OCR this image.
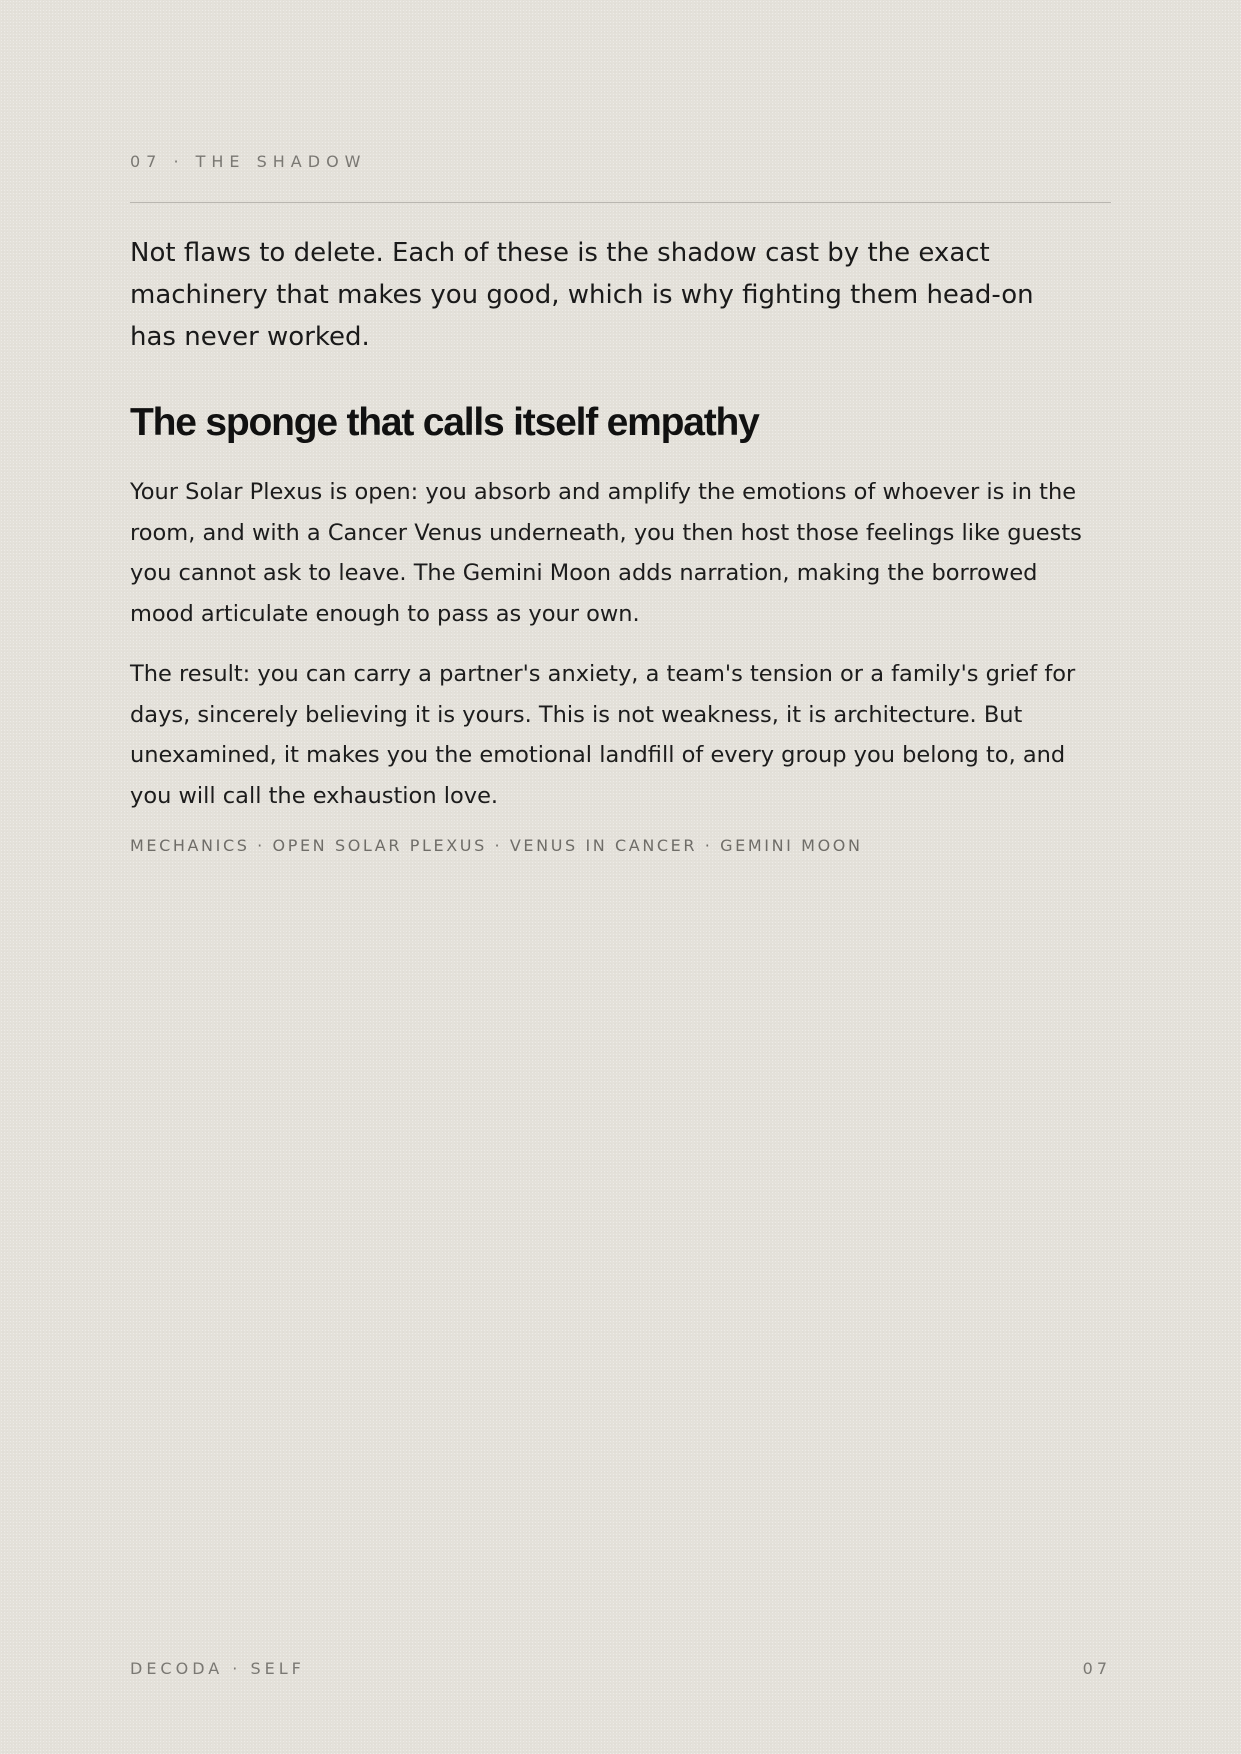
07 · THE SHADOW

Not flaws to delete. Each of these is the shadow cast by the exact machinery that makes you good, which is why fighting them head-on has never worked.

The sponge that calls itself empathy

Your Solar Plexus is open: you absorb and amplify the emotions of whoever is in the room, and with a Cancer Venus underneath, you then host those feelings like guests you cannot ask to leave. The Gemini Moon adds narration, making the borrowed mood articulate enough to pass as your own.

The result: you can carry a partner's anxiety, a team's tension or a family's grief for days, sincerely believing it is yours. This is not weakness, it is architecture. But unexamined, it makes you the emotional landfill of every group you belong to, and you will call the exhaustion love.

MECHANICS · OPEN SOLAR PLEXUS · VENUS IN CANCER · GEMINI MOON
DECODA · SELF	07
